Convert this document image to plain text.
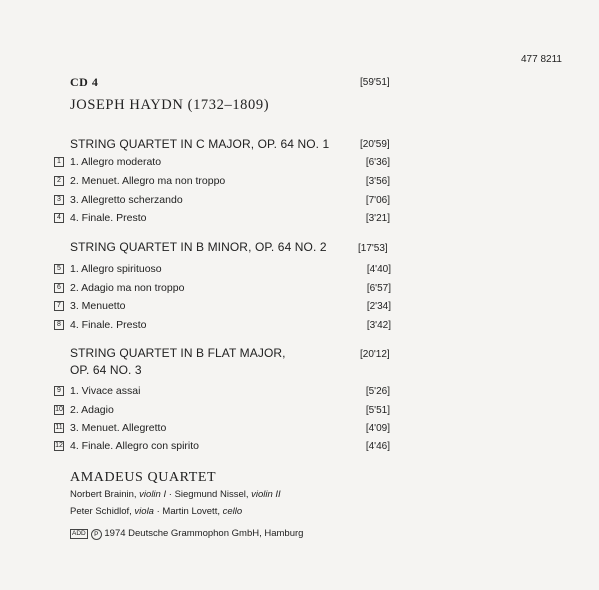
477 8211
CD 4	[59'51]
JOSEPH HAYDN (1732–1809)
STRING QUARTET IN C MAJOR, OP. 64 NO. 1	[20'59]
1 1. Allegro moderato	[6'36]
2 2. Menuet. Allegro ma non troppo	[3'56]
3 3. Allegretto scherzando	[7'06]
4 4. Finale. Presto	[3'21]
STRING QUARTET IN B MINOR, OP. 64 NO. 2	[17'53]
5 1. Allegro spirituoso	[4'40]
6 2. Adagio ma non troppo	[6'57]
7 3. Menuetto	[2'34]
8 4. Finale. Presto	[3'42]
STRING QUARTET IN B FLAT MAJOR,
OP. 64 NO. 3
[20'12]
9 1. Vivace assai	[5'26]
10 2. Adagio	[5'51]
11 3. Menuet. Allegretto	[4'09]
12 4. Finale. Allegro con spirito	[4'46]
AMADEUS QUARTET
Norbert Brainin, violin I · Siegmund Nissel, violin II
Peter Schidlof, viola · Martin Lovett, cello
ADD P 1974 Deutsche Grammophon GmbH, Hamburg
